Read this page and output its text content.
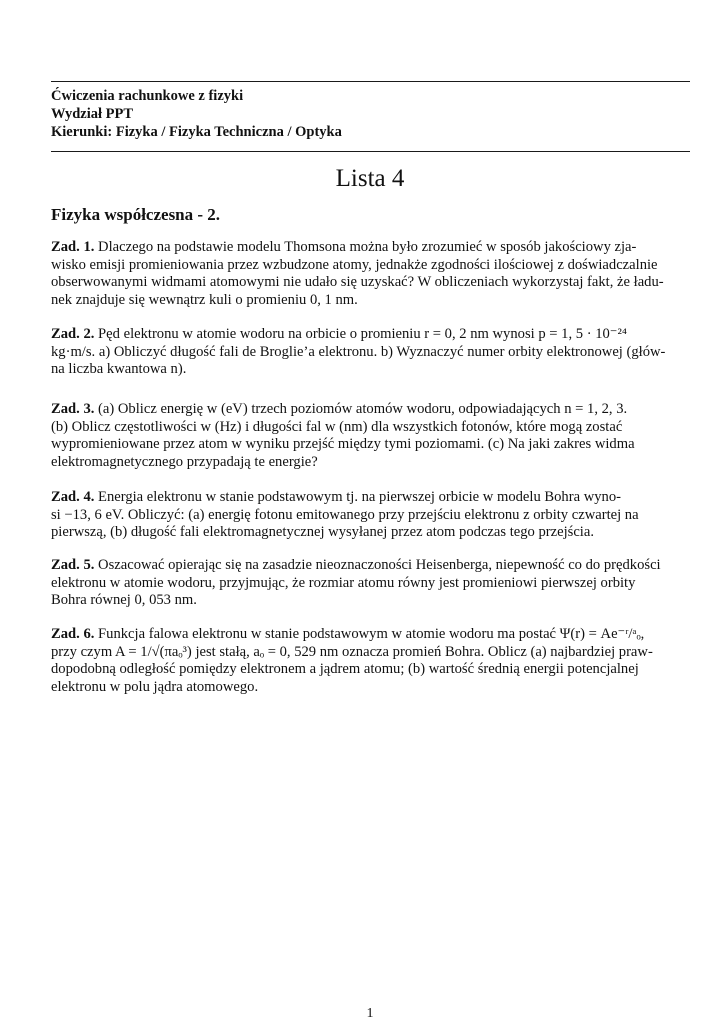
Ćwiczenia rachunkowe z fizyki
Wydział PPT
Kierunki: Fizyka / Fizyka Techniczna / Optyka
Lista 4
Fizyka współczesna - 2.
Zad. 1. Dlaczego na podstawie modelu Thomsona można było zrozumieć w sposób jakościowy zja-
wisko emisji promieniowania przez wzbudzone atomy, jednakże zgodności ilościowej z doświadczalnie
obserwowanymi widmami atomowymi nie udało się uzyskać? W obliczeniach wykorzystaj fakt, że ładu-
nek znajduje się wewnątrz kuli o promieniu 0, 1 nm.
Zad. 2. Pęd elektronu w atomie wodoru na orbicie o promieniu r = 0, 2 nm wynosi p = 1, 5 · 10⁻²⁴
kg·m/s. a) Obliczyć długość fali de Broglie’a elektronu. b) Wyznaczyć numer orbity elektronowej (głów-
na liczba kwantowa n).
Zad. 3. (a) Oblicz energię w (eV) trzech poziomów atomów wodoru, odpowiadających n = 1, 2, 3.
(b) Oblicz częstotliwości w (Hz) i długości fal w (nm) dla wszystkich fotonów, które mogą zostać
wypromieniowane przez atom w wyniku przejść między tymi poziomami. (c) Na jaki zakres widma
elektromagnetycznego przypadają te energie?
Zad. 4. Energia elektronu w stanie podstawowym tj. na pierwszej orbicie w modelu Bohra wyno-
si −13, 6 eV. Obliczyć: (a) energię fotonu emitowanego przy przejściu elektronu z orbity czwartej na
pierwszą, (b) długość fali elektromagnetycznej wysyłanej przez atom podczas tego przejścia.
Zad. 5. Oszacować opierając się na zasadzie nieoznaczoności Heisenberga, niepewność co do prędkości
elektronu w atomie wodoru, przyjmując, że rozmiar atomu równy jest promieniowi pierwszej orbity
Bohra równej 0, 053 nm.
Zad. 6. Funkcja falowa elektronu w stanie podstawowym w atomie wodoru ma postać Ψ(r) = Ae⁻ʳ/ᵃₒ,
przy czym A = 1/√(πaₒ³) jest stałą, aₒ = 0, 529 nm oznacza promień Bohra. Oblicz (a) najbardziej praw-
dopodobną odległość pomiędzy elektronem a jądrem atomu; (b) wartość średnią energii potencjalnej
elektronu w polu jądra atomowego.
1
